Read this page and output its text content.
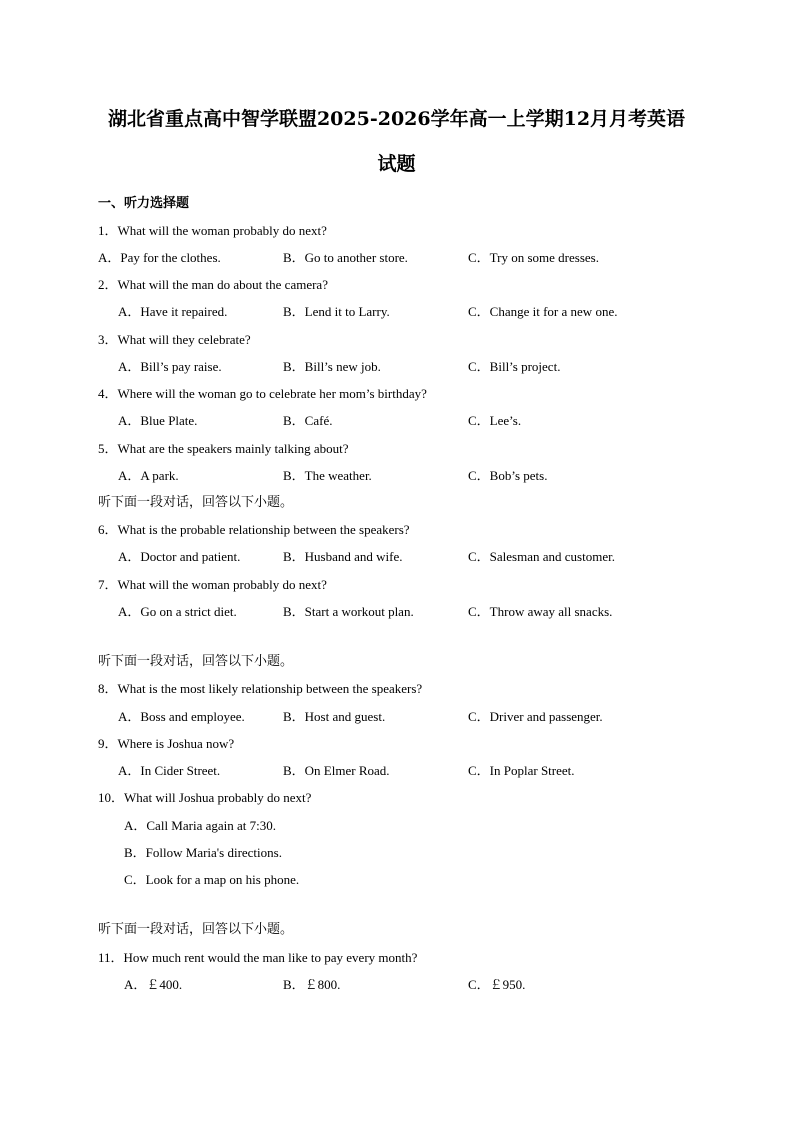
湖北省重点高中智学联盟2025-2026学年高一上学期12月月考英语
试题
一、听力选择题
1．What will the woman probably do next?
A．Pay for the clothes.	B．Go to another store.	C．Try on some dresses.
2．What will the man do about the camera?
A．Have it repaired.	B．Lend it to Larry.	C．Change it for a new one.
3．What will they celebrate?
A．Bill’s pay raise.	B．Bill’s new job.	C．Bill’s project.
4．Where will the woman go to celebrate her mom’s birthday?
A．Blue Plate.	B．Café.	C．Lee’s.
5．What are the speakers mainly talking about?
A．A park.	B．The weather.	C．Bob’s pets.
听下面一段对话，回答以下小题。
6．What is the probable relationship between the speakers?
A．Doctor and patient.	B．Husband and wife.	C．Salesman and customer.
7．What will the woman probably do next?
A．Go on a strict diet.	B．Start a workout plan.	C．Throw away all snacks.
听下面一段对话，回答以下小题。
8．What is the most likely relationship between the speakers?
A．Boss and employee.	B．Host and guest.	C．Driver and passenger.
9．Where is Joshua now?
A．In Cider Street.	B．On Elmer Road.	C．In Poplar Street.
10．What will Joshua probably do next?
A．Call Maria again at 7:30.
B．Follow Maria's directions.
C．Look for a map on his phone.
听下面一段对话，回答以下小题。
11．How much rent would the man like to pay every month?
A．￡400.	B．￡800.	C．￡950.
